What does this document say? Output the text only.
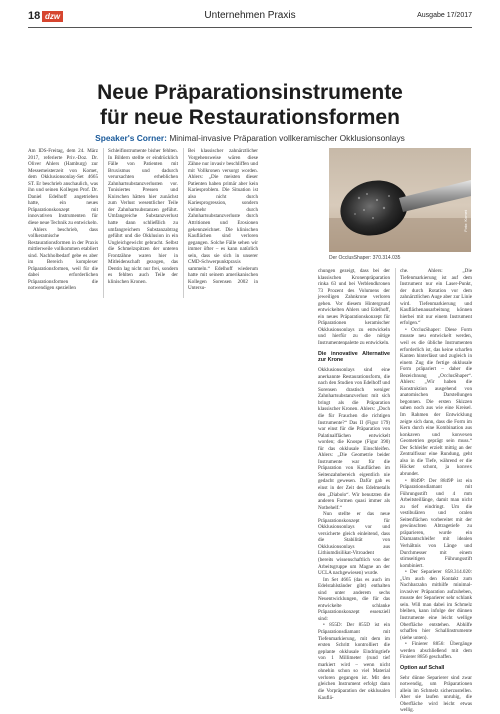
18 dzw	Unternehmen Praxis	Ausgabe 17/2017
Neue Präparationsinstrumente
für neue Restaurationsformen
Speaker's Corner: Minimal-invasive Präparation vollkeramischer Okklusionsonlays

Am IDS-Freitag, dem 24. März 2017, referierte Priv.-Doz. Dr. Oliver Ahlers (Hamburg) zur Messemeisterzeit von Komet, dem Okklusionsonlay-Set 4665 ST. Er beschrieb anschaulich, was ihn und seinen Kollegen Prof. Dr. Daniel Edelhoff angetrieben hatte, ein neues Präparationskonzept mit innovativen Instrumenten für diese neue Technik zu entwickeln.

Ahlers beschrieb, dass vollkeramische Restaurationsformen in der Praxis mittlerweile vollkommen etabliert sind. Nachholbedarf gebe es aber im Bereich komplexer Präparationsformen, weil für die dabei erforderlichen Präparationsformen die notwendigen speziellen

Schleifinstrumente bisher fehlten. In Bildern stellte er eindrücklich Fälle von Patienten mit Bruxismus und dadurch verursachten erheblichen Zahnhartsubstanzverlusten vor. Tonisiertes Pressen und Knirschen hätten hier zunächst zum Verlust wesentlicher Teile der Zahnhartsubstanzen geführt. Umfangreiche Substanzverlust hatte dann schließlich zu umfangreichem Substanzabtrag geführt und die Okklusion in ein Ungleichgewicht gebracht. Selbst die Schmelzspitzen der unteren Frontzähne waren hier in Mitleidenschaft gezogen, das Dentin lag nicht nur frei, sondern es fehlten auch Teile der klinischen Kronen.

Bei klassischer zahnärztlicher Vorgehensweise wären diese Zähne nur invasiv beschliffen und mit Vollkronen versorgt worden. Ahlers: „Die meisten dieser Patienten haben primär aber kein Kariesproblem. Die Situation ist also nicht durch Kariesprogression, sondern vielmehr durch Zahnhartsubstanzverluste durch Attritionen und Erosionen gekennzeichnet. Die klinischen Kauflächen sind verloren gegangen. Solche Fälle sehen wir immer öfter – es kann natürlich sein, dass sie sich in unserer CMD-Schwerpunktpraxis sammeln.“ Edelhoff wiederum hatte mit seinem amerikanischen Kollegen Sorensen 2002 in Untersu-

Foto: Komet
Der OcclusShaper: 370.314.035

chungen gezeigt, dass bei der klassischen Kronenpräparation rinka 63 und bei Verblendkronen 73 Prozent des Volumens der jeweiligen Zahnkrone verloren gehen. Vor diesem Hintergrund entwickelten Ahlers und Edelhoff, ein neues Präparationskonzept für Präparationen keramischer Okklusionsonlays zu entwickeln und hierfür zu die nötige Instrumentenpalette zu entwickeln.

Die innovative Alternative zur Krone

Okklusionsonlays sind eine anerkannte Restaurationsform, die nach den Studien von Edelhoff und Sorensen drastisch weniger Zahnhartsubstanzverlust mit sich bringt als die Präparation klassischer Kronen. Ahlers: „Doch die für Frauchen die richtigen Instrumente?“ Das II (Figur 179) war einst für die Präparation von Palatinalflächen entwickelt worden; die Knospe (Figur 390) für das okklusale Einschleifen. Ahlers: „Die Geometrie beider Instrumente war für die Präparation von Kauflächen im Seitenzahnbereich eigentlich nie gedacht gewesen. Dafür gab es einst in der Zeit des Edelmetalls den „Diabolo“. Wir benutzten die anderen Formen quasi immer als Notbehelf.“

Nun stellte er das neue Präparationskonzept für Okklusionsonlays vor und versicherte gleich einleitend, dass die Stabilität von Okklusionsonlays aus Lithiumdisilikat-Vitroadent (bereits wissenschaftlich von der Arbeitsgruppe um Magne an der UCLA nachgewiesen) wurde.

Im Set 4665 (das es auch im Edelstahlständer gibt) enthalten sind unter anderem sechs Neuentwicklungen, die für das entwickelte schlanke Präparationskonzept essenziell sind:

• 855D: Der 855D ist ein Präparationsdiamant mit Tiefenmarkierung, mit dem im ersten Schritt kontrolliert die geplante okklusale Eindringtiefe von 1 Millimeter (rund tief markiert wird – wenn nicht ohnehin schon so viel Material verloren gegangen ist. Mit den gleichen Instrument erfolgt dann die Vorpräparation der okklusalen Kauflä-

che. Ahlers: „Die Tiefenmarkierung ist auf dem Instrument nur ein Laser-Punkt, der durch Rotation vor dem zahnärztlichen Auge aber zur Linie wird. Tiefenmarkierung und Kauflächenausarbeitung können hierbei mit nur einem Instrument erfolgen.“

• OcclusShaper: Diese Form musste neu entwickelt werden, weil es die übliche Instrumenten erforderlich ist, das keine scharfen Kanten hinterlässt und zugleich in einem Zug die fertige okklusale Form präpariert – daher die Bezeichnung „OcclusShaper“. Ahlers: „Wir haben die Konstruktion ausgehend von anatomischen Darstellungen begonnen. Die ersten Skizzen sahen noch aus wie eine Kreisel. Im Rahmen der Entwicklung zeigte sich dann, dass die Form im Kern durch eine Kombination aus konkaven und konvexen Geometrien geprägt sein muss.“ Der Schleifer erzielt mittig an der Zentralfissur eine Rundung, geht also in die Tiefe, während er die Höcker schont, ja konvex abrundet.

• 8849P: Der 8849P ist ein Präparationsdiamant mit Führungsstift und 4 mm Arbeitsteillänge, damit man nicht zu tief eindringt. Um die vestibulären und oralen Seitenflächen vorbereitet mit der gewünschten Abtragetiefe zu präparieren, wurde ein Diamantschleifer mit idealen Verhältnis von Länge und Durchmesser mit einem stirnseitigen Führungsstift kombiniert.

• Der Separierer 858.314.020: „Um auch den Kontakt zum Nachbarzahn mithilfe minimal-invasiver Präparation aufzuheben, musste der Separierer sehr schlank sein. Will man dabei im Schmelz bleiben, kann infolge der dünnen Instrumente eine leicht wellige Oberfläche entstehen. Abhilfe schaffen hier Schallinstrumente (siehe unten).

• Finierer 8856: Übergänge werden abschließend mit dem Finierer 8856 geschaffen.

Option auf Schall

Sehr dünne Separierer sind zwar notwendig, um Präparationen allein im Schmelz sicherzustellen. Aber sie laufen unruhig, die Oberfläche wird leicht etwas wellig.
